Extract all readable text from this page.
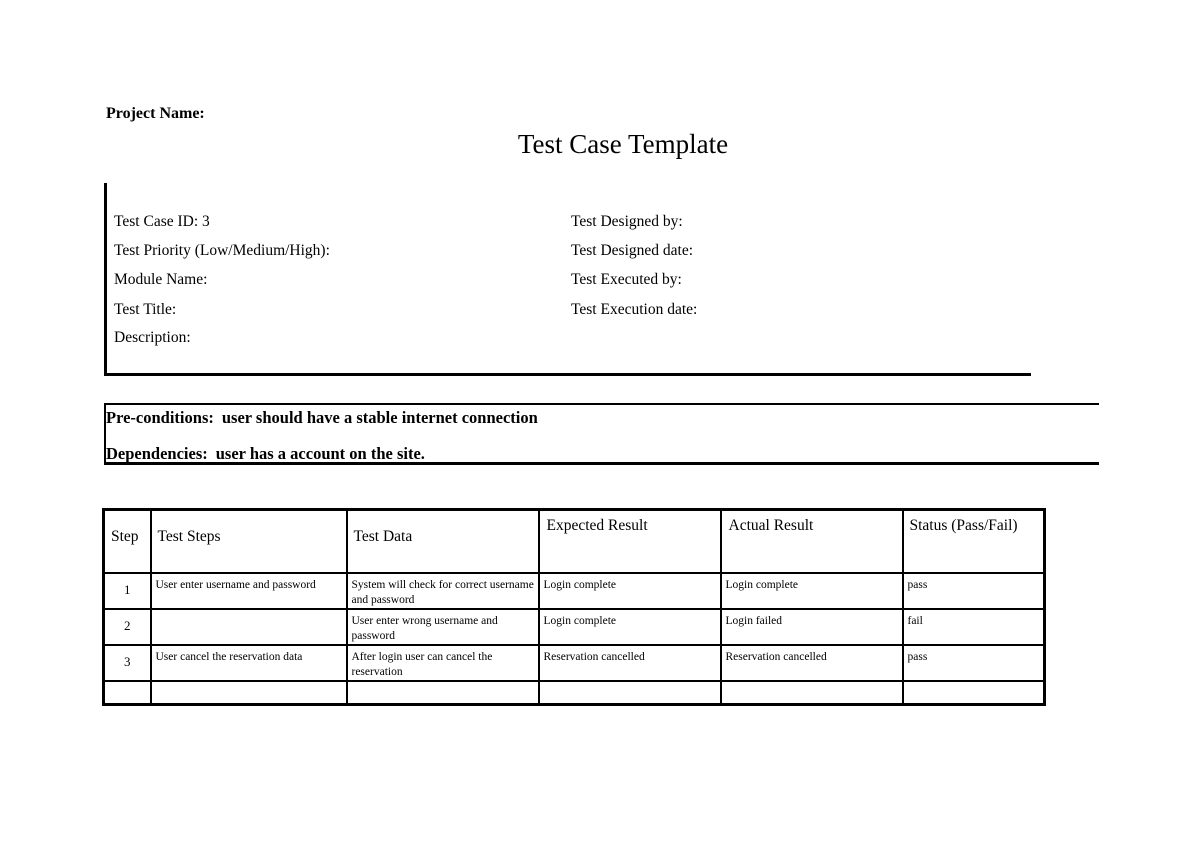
Project Name:
Test Case Template
Test Case ID: 3
Test Priority (Low/Medium/High):
Module Name:
Test Title:
Description:
Test Designed by:
Test Designed date:
Test Executed by:
Test Execution date:
Pre-conditions: user should have a stable internet connection
Dependencies: user has a account on the site.
Step	Test Steps	Test Data	Expected Result	Actual Result	Status (Pass/Fail)

1	User enter username and password	System will check for correct username and password	Login complete	Login complete	pass

2		User enter wrong username and password	Login complete	Login failed	fail

3	User cancel the reservation data	After login user can cancel the reservation	Reservation cancelled	Reservation cancelled	pass
